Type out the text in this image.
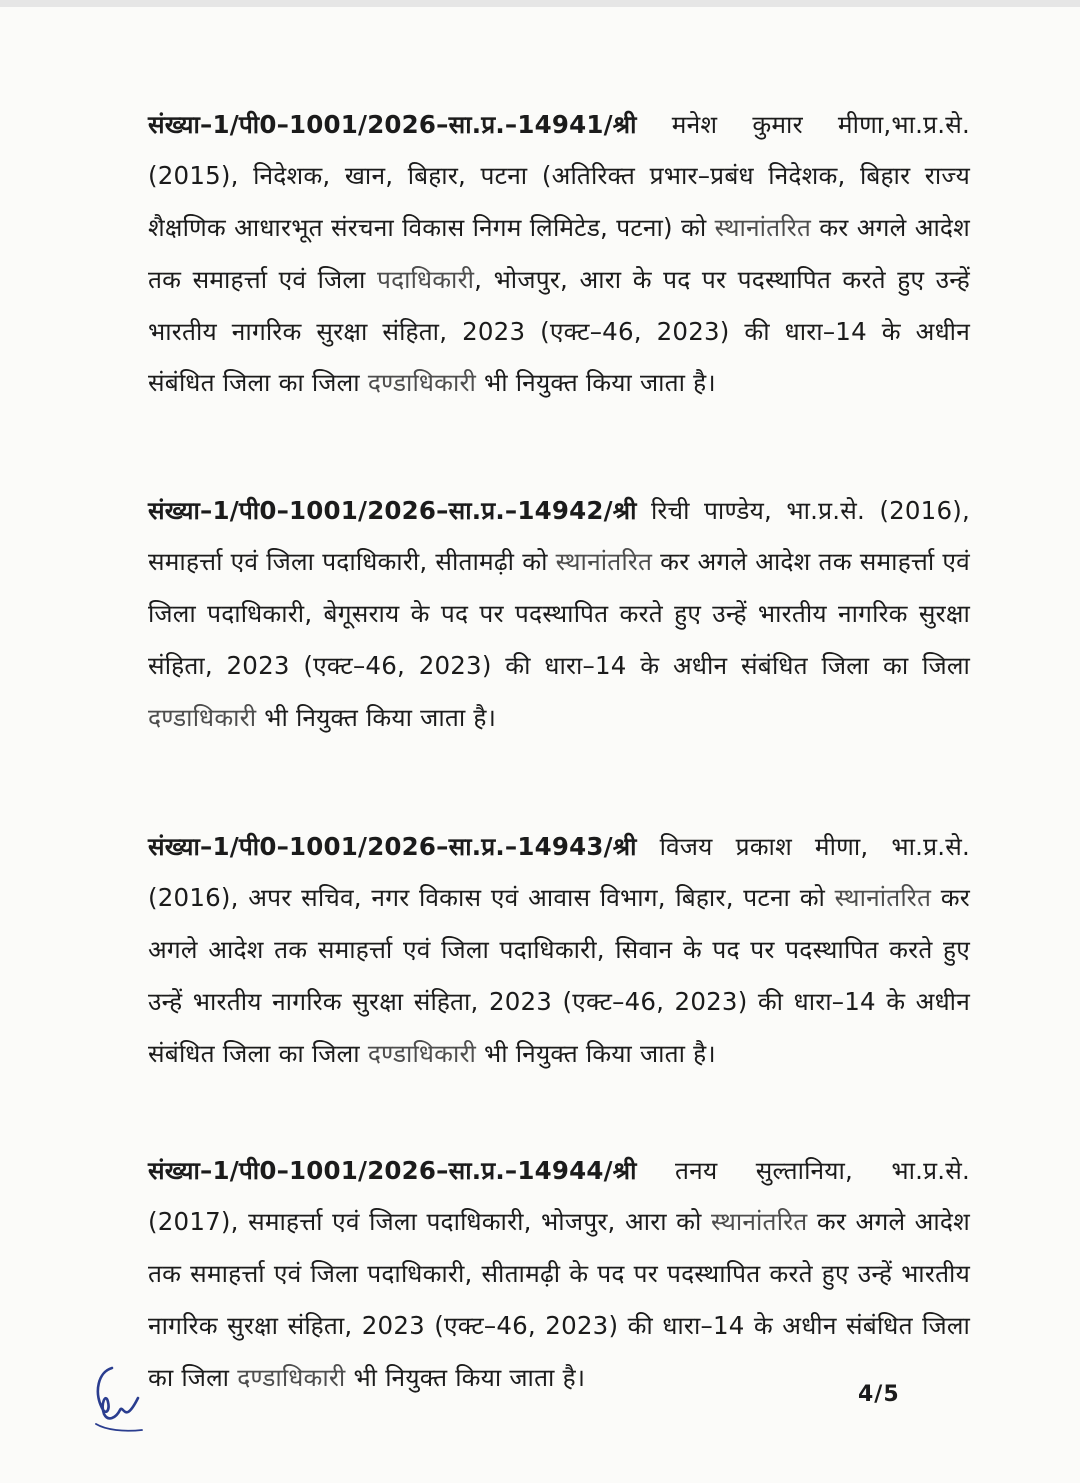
संख्या–1/पी0–1001/2026–सा.प्र.–14941/श्री मनेश कुमार मीणा,भा.प्र.से. (2015), निदेशक, खान, बिहार, पटना (अतिरिक्त प्रभार–प्रबंध निदेशक, बिहार राज्य शैक्षणिक आधारभूत संरचना विकास निगम लिमिटेड, पटना) को स्थानांतरित कर अगले आदेश तक समाहर्त्ता एवं जिला पदाधिकारी, भोजपुर, आरा के पद पर पदस्थापित करते हुए उन्हें भारतीय नागरिक सुरक्षा संहिता, 2023 (एक्ट–46, 2023) की धारा–14 के अधीन संबंधित जिला का जिला दण्डाधिकारी भी नियुक्त किया जाता है।

संख्या–1/पी0–1001/2026–सा.प्र.–14942/श्री रिची पाण्डेय, भा.प्र.से. (2016), समाहर्त्ता एवं जिला पदाधिकारी, सीतामढ़ी को स्थानांतरित कर अगले आदेश तक समाहर्त्ता एवं जिला पदाधिकारी, बेगूसराय के पद पर पदस्थापित करते हुए उन्हें भारतीय नागरिक सुरक्षा संहिता, 2023 (एक्ट–46, 2023) की धारा–14 के अधीन संबंधित जिला का जिला दण्डाधिकारी भी नियुक्त किया जाता है।

संख्या–1/पी0–1001/2026–सा.प्र.–14943/श्री विजय प्रकाश मीणा, भा.प्र.से. (2016), अपर सचिव, नगर विकास एवं आवास विभाग, बिहार, पटना को स्थानांतरित कर अगले आदेश तक समाहर्त्ता एवं जिला पदाधिकारी, सिवान के पद पर पदस्थापित करते हुए उन्हें भारतीय नागरिक सुरक्षा संहिता, 2023 (एक्ट–46, 2023) की धारा–14 के अधीन संबंधित जिला का जिला दण्डाधिकारी भी नियुक्त किया जाता है।

संख्या–1/पी0–1001/2026–सा.प्र.–14944/श्री तनय सुल्तानिया, भा.प्र.से. (2017), समाहर्त्ता एवं जिला पदाधिकारी, भोजपुर, आरा को स्थानांतरित कर अगले आदेश तक समाहर्त्ता एवं जिला पदाधिकारी, सीतामढ़ी के पद पर पदस्थापित करते हुए उन्हें भारतीय नागरिक सुरक्षा संहिता, 2023 (एक्ट–46, 2023) की धारा–14 के अधीन संबंधित जिला का जिला दण्डाधिकारी भी नियुक्त किया जाता है।

4/5
